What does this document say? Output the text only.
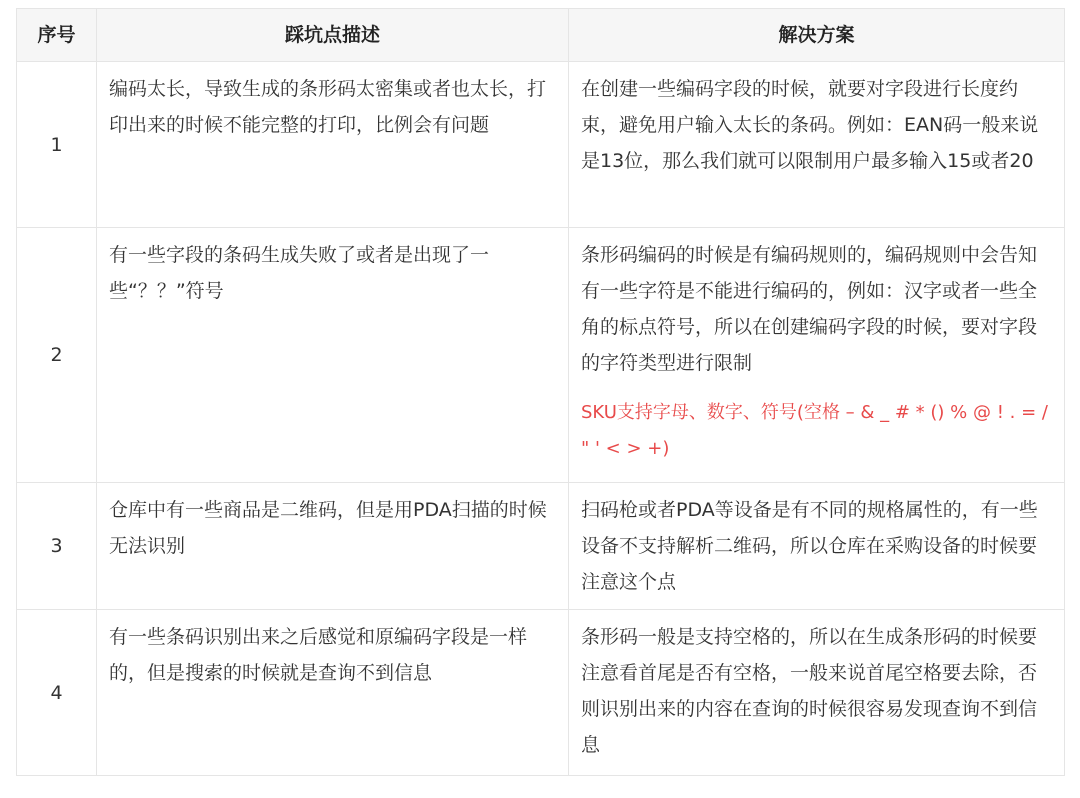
序号	踩坑点描述	解决方案
1	编码太长，导致生成的条形码太密集或者也太长，打印出来的时候不能完整的打印，比例会有问题	在创建一些编码字段的时候，就要对字段进行长度约束，避免用户输入太长的条码。例如：EAN码一般来说是13位，那么我们就可以限制用户最多输入15或者20
2	有一些字段的条码生成失败了或者是出现了一些“？？”符号	条形码编码的时候是有编码规则的，编码规则中会告知有一些字符是不能进行编码的，例如：汉字或者一些全角的标点符号，所以在创建编码字段的时候，要对字段的字符类型进行限制
SKU支持字母、数字、符号(空格 – & _ # * () % @ ! . = / " ' < > +)

3	仓库中有一些商品是二维码，但是用PDA扫描的时候无法识别	扫码枪或者PDA等设备是有不同的规格属性的，有一些设备不支持解析二维码，所以仓库在采购设备的时候要注意这个点
4	有一些条码识别出来之后感觉和原编码字段是一样的，但是搜索的时候就是查询不到信息	条形码一般是支持空格的，所以在生成条形码的时候要注意看首尾是否有空格，一般来说首尾空格要去除，否则识别出来的内容在查询的时候很容易发现查询不到信息
